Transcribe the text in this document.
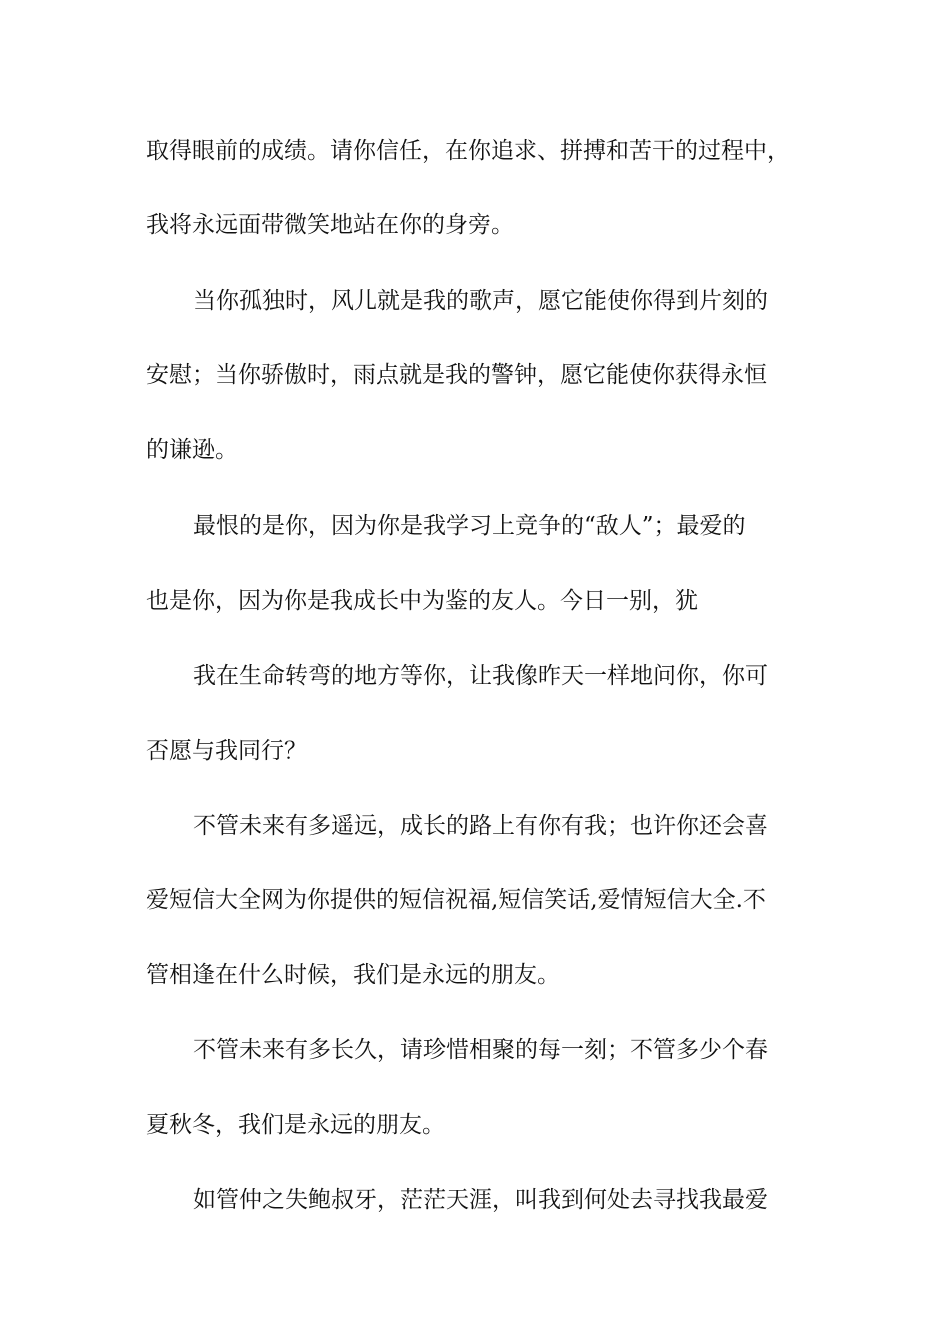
取得眼前的成绩。请你信任，在你追求、拼搏和苦干的过程中，
我将永远面带微笑地站在你的身旁。
当你孤独时，风儿就是我的歌声，愿它能使你得到片刻的
安慰；当你骄傲时，雨点就是我的警钟，愿它能使你获得永恒
的谦逊。
最恨的是你，因为你是我学习上竞争的“敌人”；最爱的
也是你，因为你是我成长中为鉴的友人。今日一别，犹
我在生命转弯的地方等你，让我像昨天一样地问你，你可
否愿与我同行？
不管未来有多遥远，成长的路上有你有我；也许你还会喜
爱短信大全网为你提供的短信祝福,短信笑话,爱情短信大全.不
管相逢在什么时候，我们是永远的朋友。
不管未来有多长久，请珍惜相聚的每一刻；不管多少个春
夏秋冬，我们是永远的朋友。
如管仲之失鲍叔牙，茫茫天涯，叫我到何处去寻找我最爱
